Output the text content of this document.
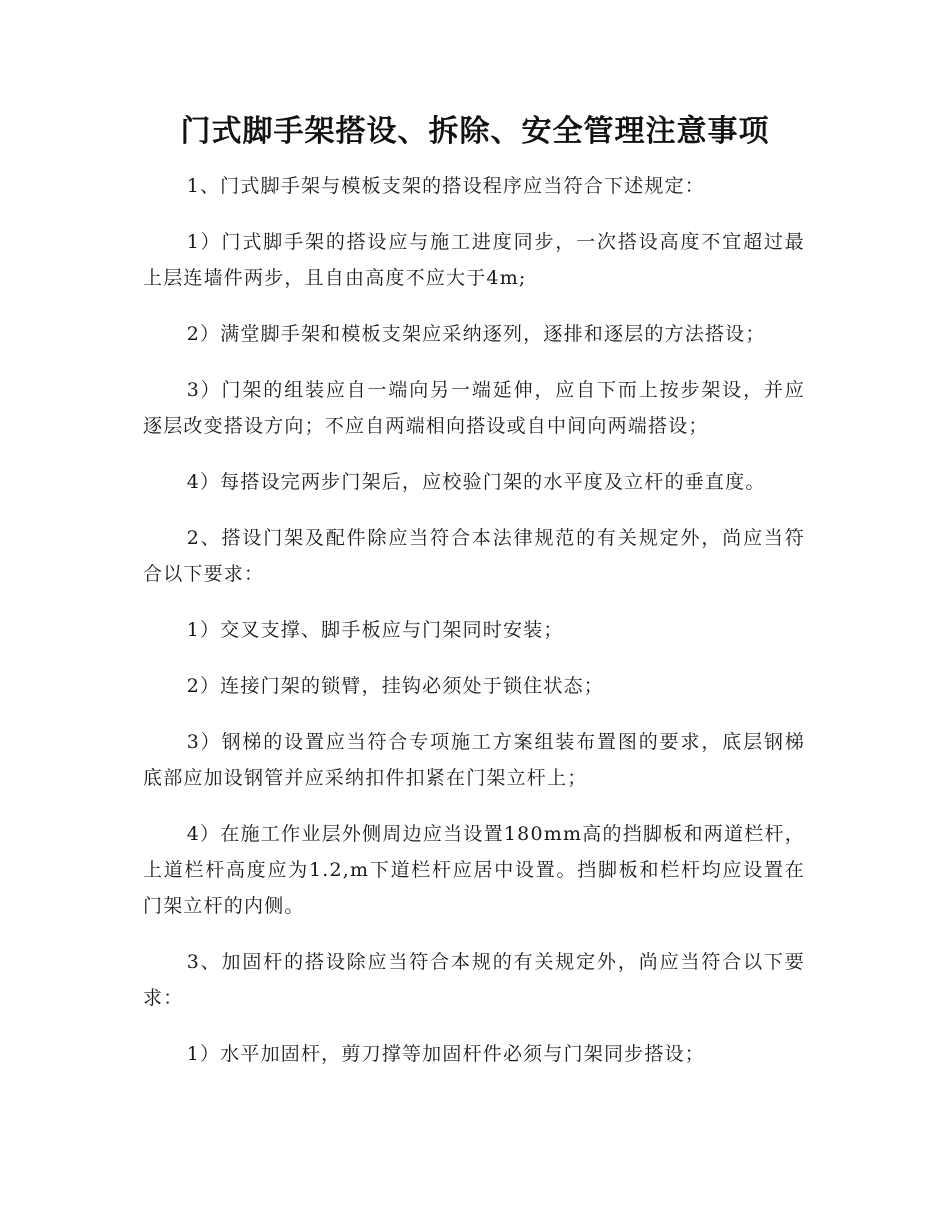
门式脚手架搭设、拆除、安全管理注意事项

1、门式脚手架与模板支架的搭设程序应当符合下述规定：

1）门式脚手架的搭设应与施工进度同步，一次搭设高度不宜超过最上层连墙件两步，且自由高度不应大于4m;

2）满堂脚手架和模板支架应采纳逐列，逐排和逐层的方法搭设；

3）门架的组装应自一端向另一端延伸，应自下而上按步架设，并应逐层改变搭设方向；不应自两端相向搭设或自中间向两端搭设；

4）每搭设完两步门架后，应校验门架的水平度及立杆的垂直度。

2、搭设门架及配件除应当符合本法律规范的有关规定外，尚应当符合以下要求：

1）交叉支撑、脚手板应与门架同时安装；

2）连接门架的锁臂，挂钩必须处于锁住状态；

3）钢梯的设置应当符合专项施工方案组装布置图的要求，底层钢梯底部应加设钢管并应采纳扣件扣紧在门架立杆上；

4）在施工作业层外侧周边应当设置180mm高的挡脚板和两道栏杆，上道栏杆高度应为1.2,m下道栏杆应居中设置。挡脚板和栏杆均应设置在门架立杆的内侧。

3、加固杆的搭设除应当符合本规的有关规定外，尚应当符合以下要求：

1）水平加固杆，剪刀撑等加固杆件必须与门架同步搭设；
